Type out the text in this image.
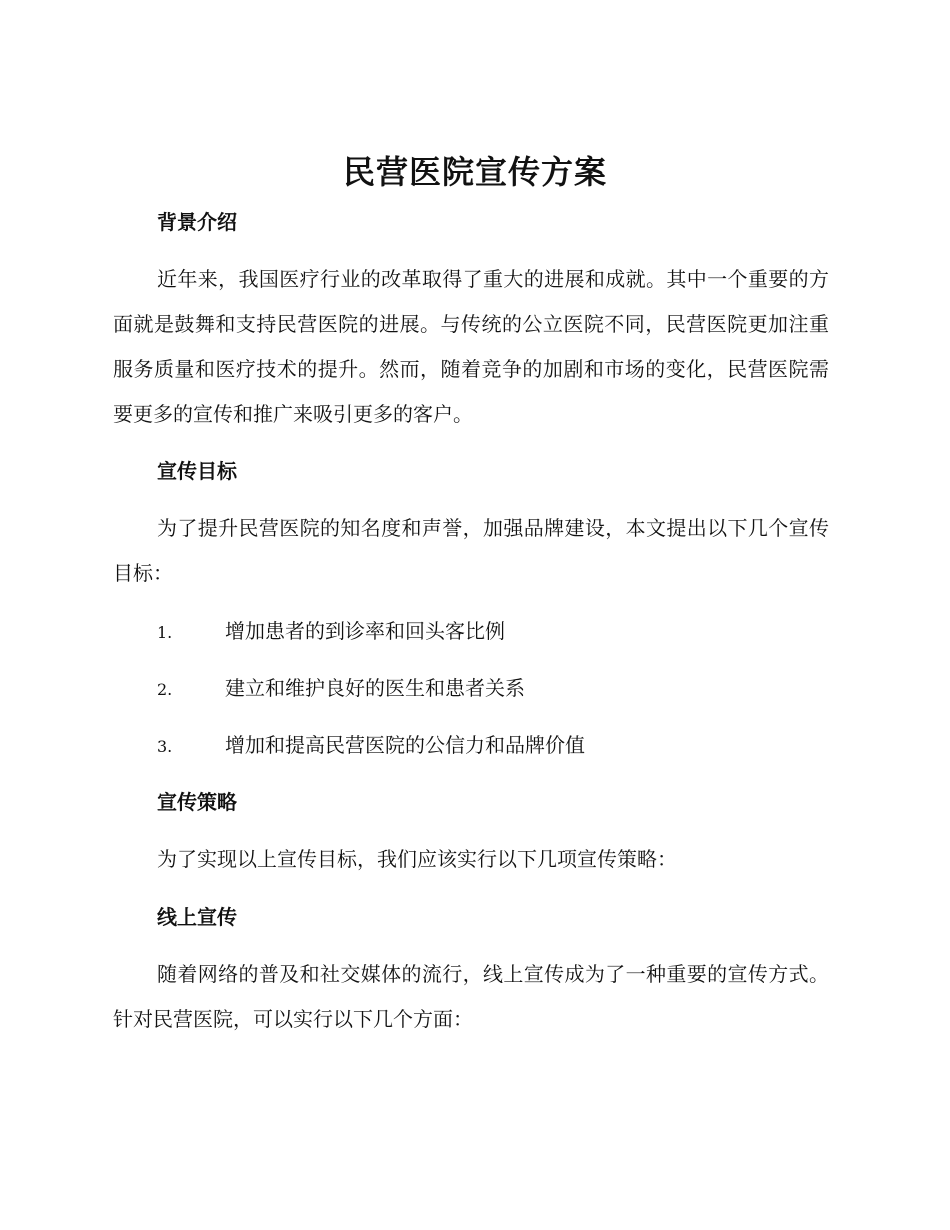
民营医院宣传方案
背景介绍

近年来，我国医疗行业的改革取得了重大的进展和成就。其中一个重要的方面就是鼓舞和支持民营医院的进展。与传统的公立医院不同，民营医院更加注重服务质量和医疗技术的提升。然而，随着竞争的加剧和市场的变化，民营医院需要更多的宣传和推广来吸引更多的客户。

宣传目标

为了提升民营医院的知名度和声誉，加强品牌建设，本文提出以下几个宣传目标：

1.	增加患者的到诊率和回头客比例
2.	建立和维护良好的医生和患者关系
3.	增加和提高民营医院的公信力和品牌价值
宣传策略

为了实现以上宣传目标，我们应该实行以下几项宣传策略：

线上宣传

随着网络的普及和社交媒体的流行，线上宣传成为了一种重要的宣传方式。 针对民营医院，可以实行以下几个方面：
